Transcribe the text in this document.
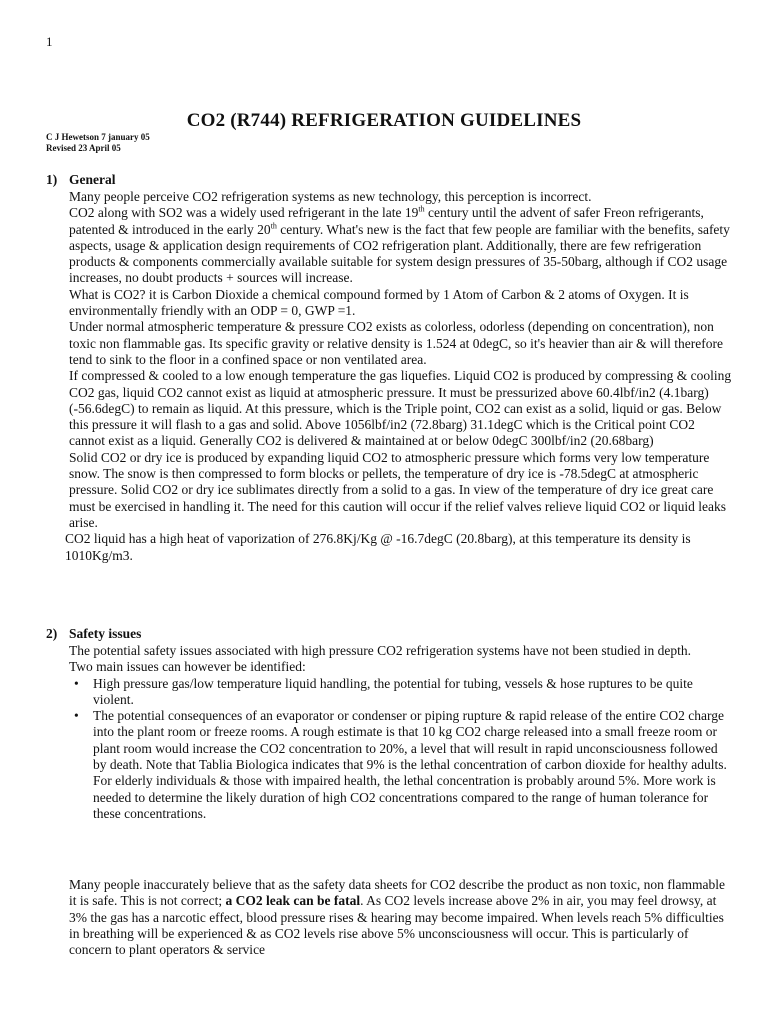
1
CO2 (R744) REFRIGERATION GUIDELINES
C J Hewetson 7 january 05
Revised 23 April 05
1) General

Many people perceive CO2 refrigeration systems as new technology, this perception is incorrect.

CO2 along with SO2 was a widely used refrigerant in the late 19th century until the advent of safer Freon refrigerants, patented & introduced in the early 20th century. What's new is the fact that few people are familiar with the benefits, safety aspects, usage & application design requirements of CO2 refrigeration plant. Additionally, there are few refrigeration products & components commercially available suitable for system design pressures of 35-50barg, although if CO2 usage increases, no doubt products + sources will increase.

What is CO2? it is Carbon Dioxide a chemical compound formed by 1 Atom of Carbon & 2 atoms of Oxygen. It is environmentally friendly with an ODP = 0, GWP =1.

Under normal atmospheric temperature & pressure CO2 exists as colorless, odorless (depending on concentration), non toxic non flammable gas. Its specific gravity or relative density is 1.524 at 0degC, so it's heavier than air & will therefore tend to sink to the floor in a confined space or non ventilated area.

If compressed & cooled to a low enough temperature the gas liquefies. Liquid CO2 is produced by compressing & cooling CO2 gas, liquid CO2 cannot exist as liquid at atmospheric pressure. It must be pressurized above 60.4lbf/in2 (4.1barg) (-56.6degC) to remain as liquid. At this pressure, which is the Triple point, CO2 can exist as a solid, liquid or gas. Below this pressure it will flash to a gas and solid. Above 1056lbf/in2 (72.8barg) 31.1degC which is the Critical point CO2 cannot exist as a liquid. Generally CO2 is delivered & maintained at or below 0degC 300lbf/in2 (20.68barg)

Solid CO2 or dry ice is produced by expanding liquid CO2 to atmospheric pressure which forms very low temperature snow. The snow is then compressed to form blocks or pellets, the temperature of dry ice is -78.5degC at atmospheric pressure. Solid CO2 or dry ice sublimates directly from a solid to a gas. In view of the temperature of dry ice great care must be exercised in handling it. The need for this caution will occur if the relief valves relieve liquid CO2 or liquid leaks arise.

CO2 liquid has a high heat of vaporization of 276.8Kj/Kg @ -16.7degC (20.8barg), at this temperature its density is 1010Kg/m3.

2) Safety issues

The potential safety issues associated with high pressure CO2 refrigeration systems have not been studied in depth.

Two main issues can however be identified:

• High pressure gas/low temperature liquid handling, the potential for tubing, vessels & hose ruptures to be quite violent.
• The potential consequences of an evaporator or condenser or piping rupture & rapid release of the entire CO2 charge into the plant room or freeze rooms. A rough estimate is that 10 kg CO2 charge released into a small freeze room or plant room would increase the CO2 concentration to 20%, a level that will result in rapid unconsciousness followed by death. Note that Tablia Biologica indicates that 9% is the lethal concentration of carbon dioxide for healthy adults. For elderly individuals & those with impaired health, the lethal concentration is probably around 5%. More work is needed to determine the likely duration of high CO2 concentrations compared to the range of human tolerance for these concentrations.
Many people inaccurately believe that as the safety data sheets for CO2 describe the product as non toxic, non flammable it is safe. This is not correct; a CO2 leak can be fatal. As CO2 levels increase above 2% in air, you may feel drowsy, at 3% the gas has a narcotic effect, blood pressure rises & hearing may become impaired. When levels reach 5% difficulties in breathing will be experienced & as CO2 levels rise above 5% unconsciousness will occur. This is particularly of concern to plant operators & service
